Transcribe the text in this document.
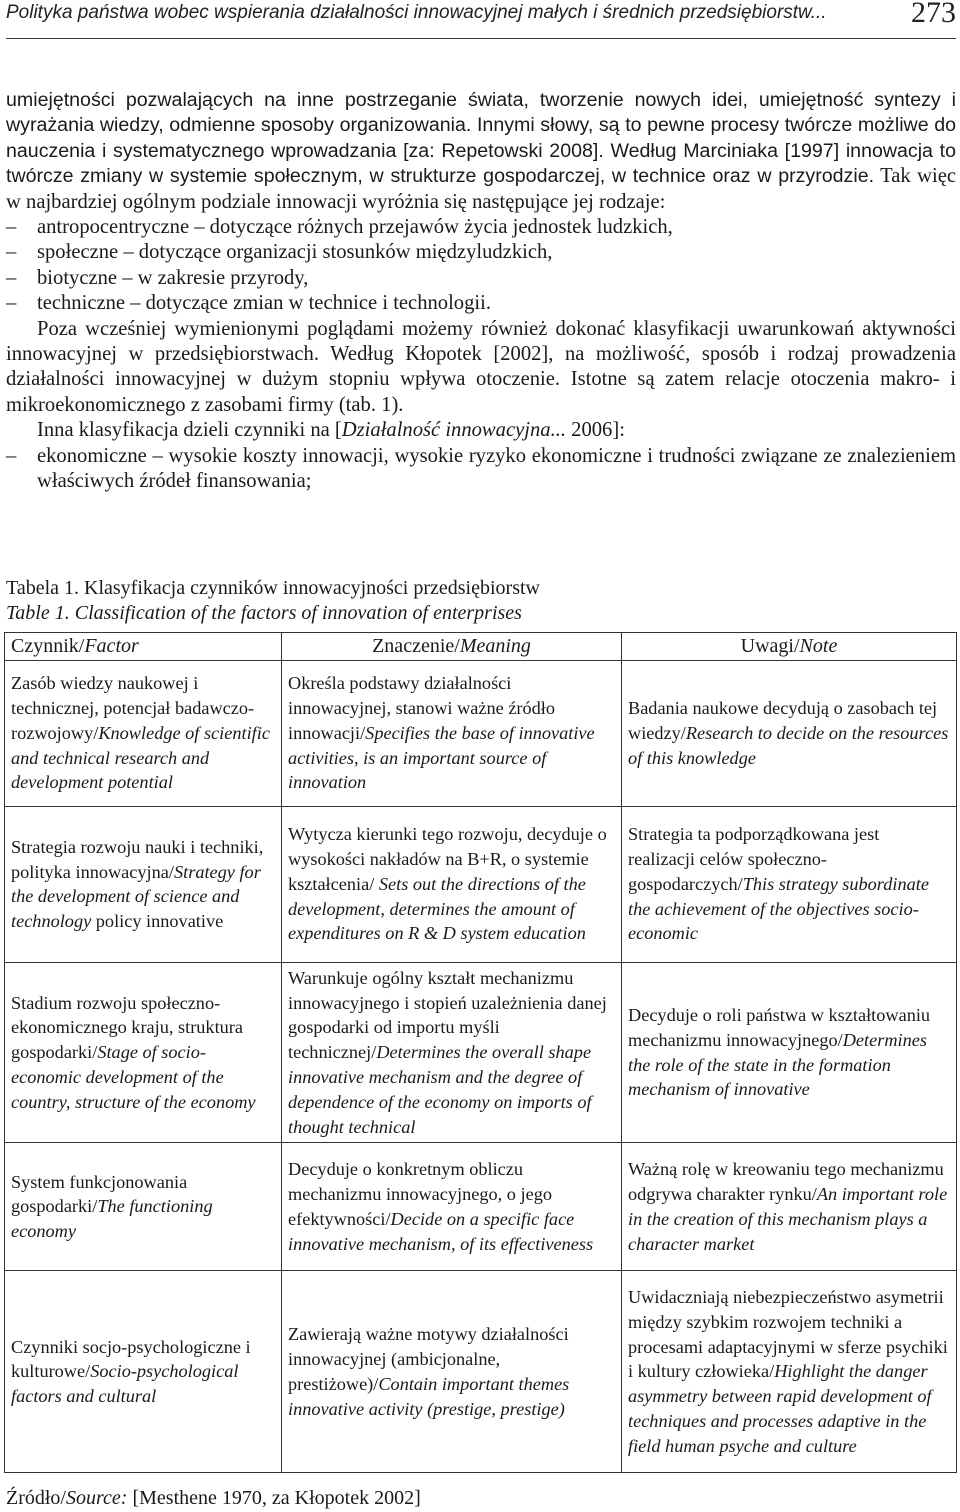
Polityka państwa wobec wspierania działalności innowacyjnej małych i średnich przedsiębiorstw...	273

umiejętności pozwalających na inne postrzeganie świata, tworzenie nowych idei, umiejętność syntezy i wyrażania wiedzy, odmienne sposoby organizowania. Innymi słowy, są to pewne procesy twórcze możliwe do nauczenia i systematycznego wprowadzania [za: Repetowski 2008]. Według Marciniaka [1997] innowacja to twórcze zmiany w systemie społecznym, w strukturze gospodarczej, w technice oraz w przyrodzie. Tak więc w najbardziej ogólnym podziale innowacji wyróżnia się następujące jej rodzaje:

– antropocentryczne – dotyczące różnych przejawów życia jednostek ludzkich,
– społeczne – dotyczące organizacji stosunków międzyludzkich,
– biotyczne – w zakresie przyrody,
– techniczne – dotyczące zmian w technice i technologii.

Poza wcześniej wymienionymi poglądami możemy również dokonać klasyfikacji uwarunkowań aktywności innowacyjnej w przedsiębiorstwach. Według Kłopotek [2002], na możliwość, sposób i rodzaj prowadzenia działalności innowacyjnej w dużym stopniu wpływa otoczenie. Istotne są zatem relacje otoczenia makro- i mikroekonomicznego z zasobami firmy (tab. 1).

Inna klasyfikacja dzieli czynniki na [Działalność innowacyjna... 2006]:

– ekonomiczne – wysokie koszty innowacji, wysokie ryzyko ekonomiczne i trudności związane ze znalezieniem właściwych źródeł finansowania;
Tabela 1. Klasyfikacja czynników innowacyjności przedsiębiorstw
Table 1. Classification of the factors of innovation of enterprises
Czynnik/Factor	Znaczenie/Meaning	Uwagi/Note
Zasób wiedzy naukowej i technicznej, potencjał badawczo-rozwojowy/Knowledge of scientific and technical research and development potential	Określa podstawy działalności innowacyjnej, stanowi ważne źródło innowacji/Specifies the base of innovative activities, is an important source of innovation	Badania naukowe decydują o zasobach tej wiedzy/Research to decide on the resources of this knowledge
Strategia rozwoju nauki i techniki, polityka innowacyjna/Strategy for the development of science and technology policy innovative	Wytycza kierunki tego rozwoju, decyduje o wysokości nakładów na B+R, o systemie kształcenia/ Sets out the directions of the development, determines the amount of expenditures on R & D system education	Strategia ta podporządkowana jest realizacji celów społeczno-gospodarczych/This strategy subordinate the achievement of the objectives socio-economic
Stadium rozwoju społeczno-ekonomicznego kraju, struktura gospodarki/Stage of socio-economic development of the country, structure of the economy	Warunkuje ogólny kształt mechanizmu innowacyjnego i stopień uzależnienia danej gospodarki od importu myśli technicznej/Determines the overall shape innovative mechanism and the degree of dependence of the economy on imports of thought technical	Decyduje o roli państwa w kształtowaniu mechanizmu innowacyjnego/Determines the role of the state in the formation mechanism of innovative
System funkcjonowania gospodarki/The functioning economy	Decyduje o konkretnym obliczu mechanizmu innowacyjnego, o jego efektywności/Decide on a specific face innovative mechanism, of its effectiveness	Ważną rolę w kreowaniu tego mechanizmu odgrywa charakter rynku/An important role in the creation of this mechanism plays a character market
Czynniki socjo-psychologiczne i kulturowe/Socio-psychological factors and cultural	Zawierają ważne motywy działalności innowacyjnej (ambicjonalne, prestiżowe)/Contain important themes innovative activity (prestige, prestige)	Uwidaczniają niebezpieczeństwo asymetrii między szybkim rozwojem techniki a procesami adaptacyjnymi w sferze psychiki i kultury człowieka/Highlight the danger asymmetry between rapid development of techniques and processes adaptive in the field human psyche and culture
Źródło/Source: [Mesthene 1970, za Kłopotek 2002]
